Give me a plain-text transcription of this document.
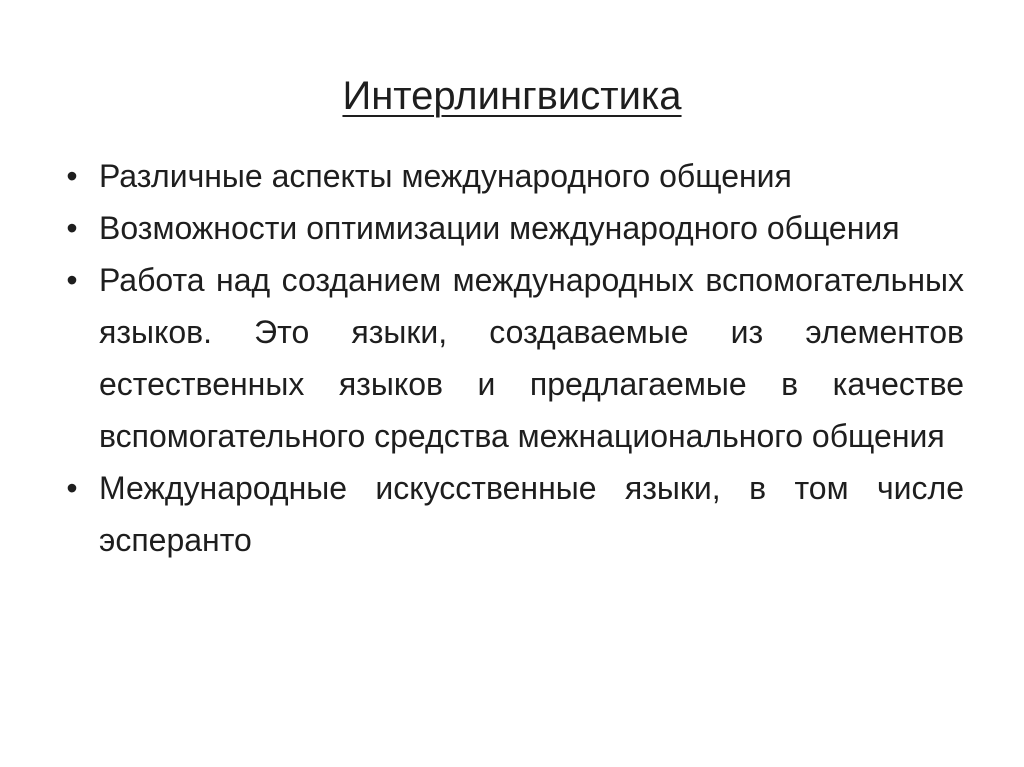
Интерлингвистика
• Различные аспекты международного общения
• Возможности оптимизации международного общения
• Работа над созданием международных вспомогательных языков. Это языки, создаваемые из элементов естественных языков и предлагаемые в качестве вспомогательного средства межнационального общения
• Международные искусственные языки, в том числе эсперанто
